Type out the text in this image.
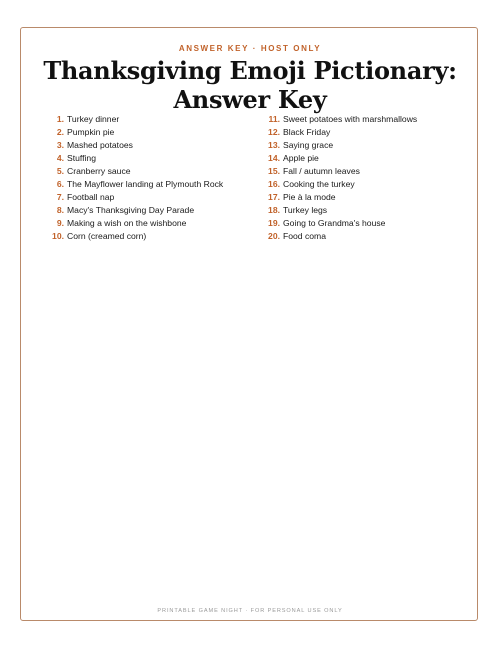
ANSWER KEY · HOST ONLY
Thanksgiving Emoji Pictionary:
Answer Key
1. Turkey dinner
2. Pumpkin pie
3. Mashed potatoes
4. Stuffing
5. Cranberry sauce
6. The Mayflower landing at Plymouth Rock
7. Football nap
8. Macy's Thanksgiving Day Parade
9. Making a wish on the wishbone
10. Corn (creamed corn)
11. Sweet potatoes with marshmallows
12. Black Friday
13. Saying grace
14. Apple pie
15. Fall / autumn leaves
16. Cooking the turkey
17. Pie à la mode
18. Turkey legs
19. Going to Grandma's house
20. Food coma
PRINTABLE GAME NIGHT · FOR PERSONAL USE ONLY
